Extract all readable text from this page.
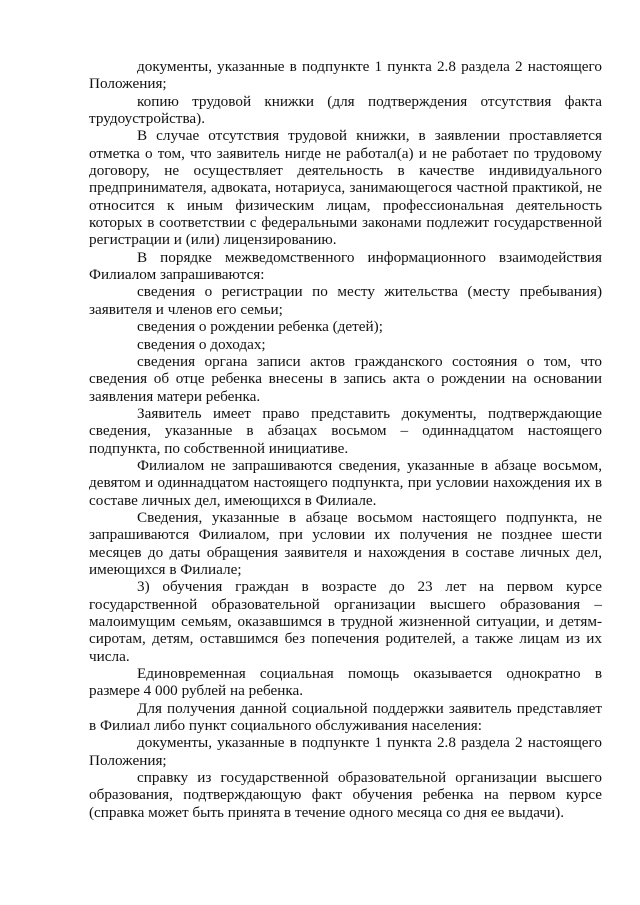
документы, указанные в подпункте 1 пункта 2.8 раздела 2 настоящего Положения;

копию трудовой книжки (для подтверждения отсутствия факта трудоустройства).

В случае отсутствия трудовой книжки, в заявлении проставляется отметка о том, что заявитель нигде не работал(а) и не работает по трудовому договору, не осуществляет деятельность в качестве индивидуального предпринимателя, адвоката, нотариуса, занимающегося частной практикой, не относится к иным физическим лицам, профессиональная деятельность которых в соответствии с федеральными законами подлежит государственной регистрации и (или) лицензированию.

В порядке межведомственного информационного взаимодействия Филиалом запрашиваются:

сведения о регистрации по месту жительства (месту пребывания) заявителя и членов его семьи;

сведения о рождении ребенка (детей);

сведения о доходах;

сведения органа записи актов гражданского состояния о том, что сведения об отце ребенка внесены в запись акта о рождении на основании заявления матери ребенка.

Заявитель имеет право представить документы, подтверждающие сведения, указанные в абзацах восьмом – одиннадцатом настоящего подпункта, по собственной инициативе.

Филиалом не запрашиваются сведения, указанные в абзаце восьмом, девятом и одиннадцатом настоящего подпункта, при условии нахождения их в составе личных дел, имеющихся в Филиале.

Сведения, указанные в абзаце восьмом настоящего подпункта, не запрашиваются Филиалом, при условии их получения не позднее шести месяцев до даты обращения заявителя и нахождения в составе личных дел, имеющихся в Филиале;

3) обучения граждан в возрасте до 23 лет на первом курсе государственной образовательной организации высшего образования – малоимущим семьям, оказавшимся в трудной жизненной ситуации, и детям-сиротам, детям, оставшимся без попечения родителей, а также лицам из их числа.

Единовременная социальная помощь оказывается однократно в размере 4 000 рублей на ребенка.

Для получения данной социальной поддержки заявитель представляет в Филиал либо пункт социального обслуживания населения:

документы, указанные в подпункте 1 пункта 2.8 раздела 2 настоящего Положения;

справку из государственной образовательной организации высшего образования, подтверждающую факт обучения ребенка на первом курсе (справка может быть принята в течение одного месяца со дня ее выдачи).
